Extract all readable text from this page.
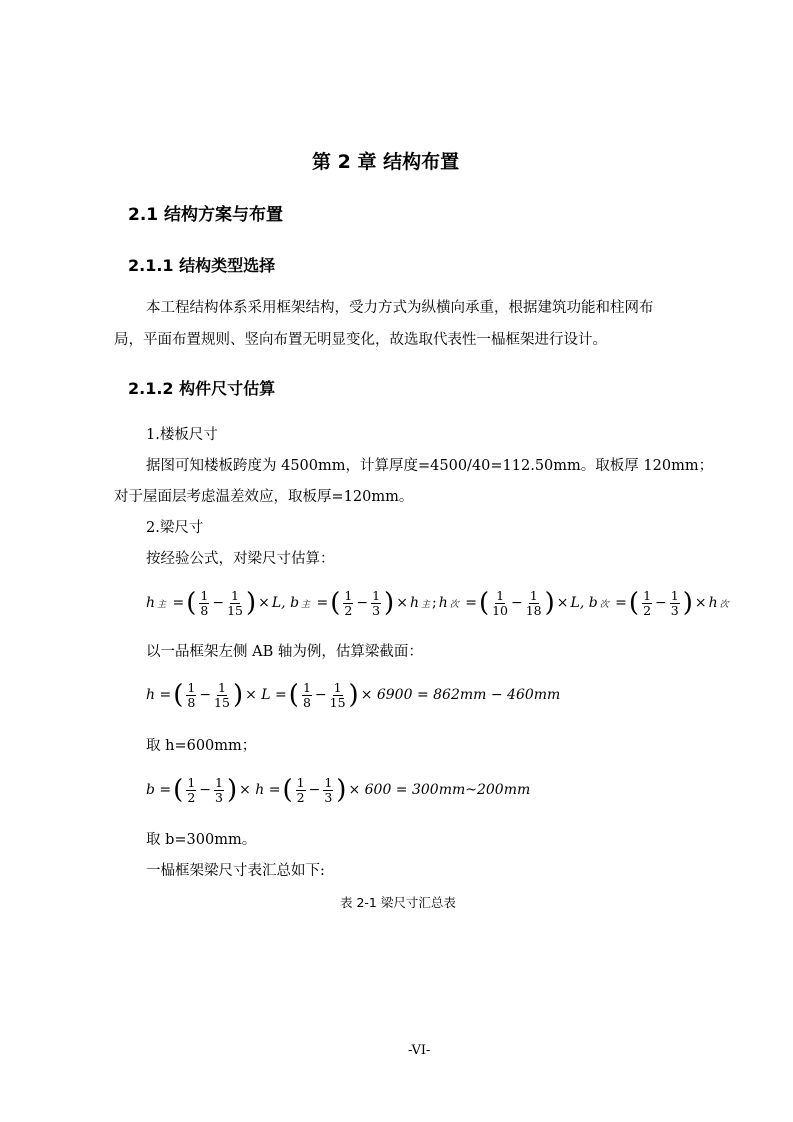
第 2 章 结构布置
2.1 结构方案与布置
2.1.1 结构类型选择
本工程结构体系采用框架结构，受力方式为纵横向承重，根据建筑功能和柱网布
局，平面布置规则、竖向布置无明显变化，故选取代表性一榀框架进行设计。
2.1.2 构件尺寸估算
1.楼板尺寸
据图可知楼板跨度为 4500mm，计算厚度=4500/40=112.50mm。取板厚 120mm；
对于屋面层考虑温差效应，取板厚=120mm。
2.梁尺寸
按经验公式，对梁尺寸估算：
h 主 = ( $\frac{1}{8} - \frac{1}{15}$ ) × L, b 主 = ( $\frac{1}{2} - \frac{1}{3}$ ) × h 主 ; h 次 = ( $\frac{1}{10} - \frac{1}{18}$ ) × L, b 次 = ( $\frac{1}{2} - \frac{1}{3}$ ) × h 次
以一品框架左侧 AB 轴为例，估算梁截面：
h = ( $\frac{1}{8} - \frac{1}{15}$ ) × L = ( $\frac{1}{8} - \frac{1}{15}$ ) × 6900 = 862mm − 460mm
取 h=600mm；
b = ( $\frac{1}{2} - \frac{1}{3}$ ) × h = ( $\frac{1}{2} - \frac{1}{3}$ ) × 600 = 300mm~200mm
取 b=300mm。
一榀框架梁尺寸表汇总如下:
表 2-1 梁尺寸汇总表
-VI-
